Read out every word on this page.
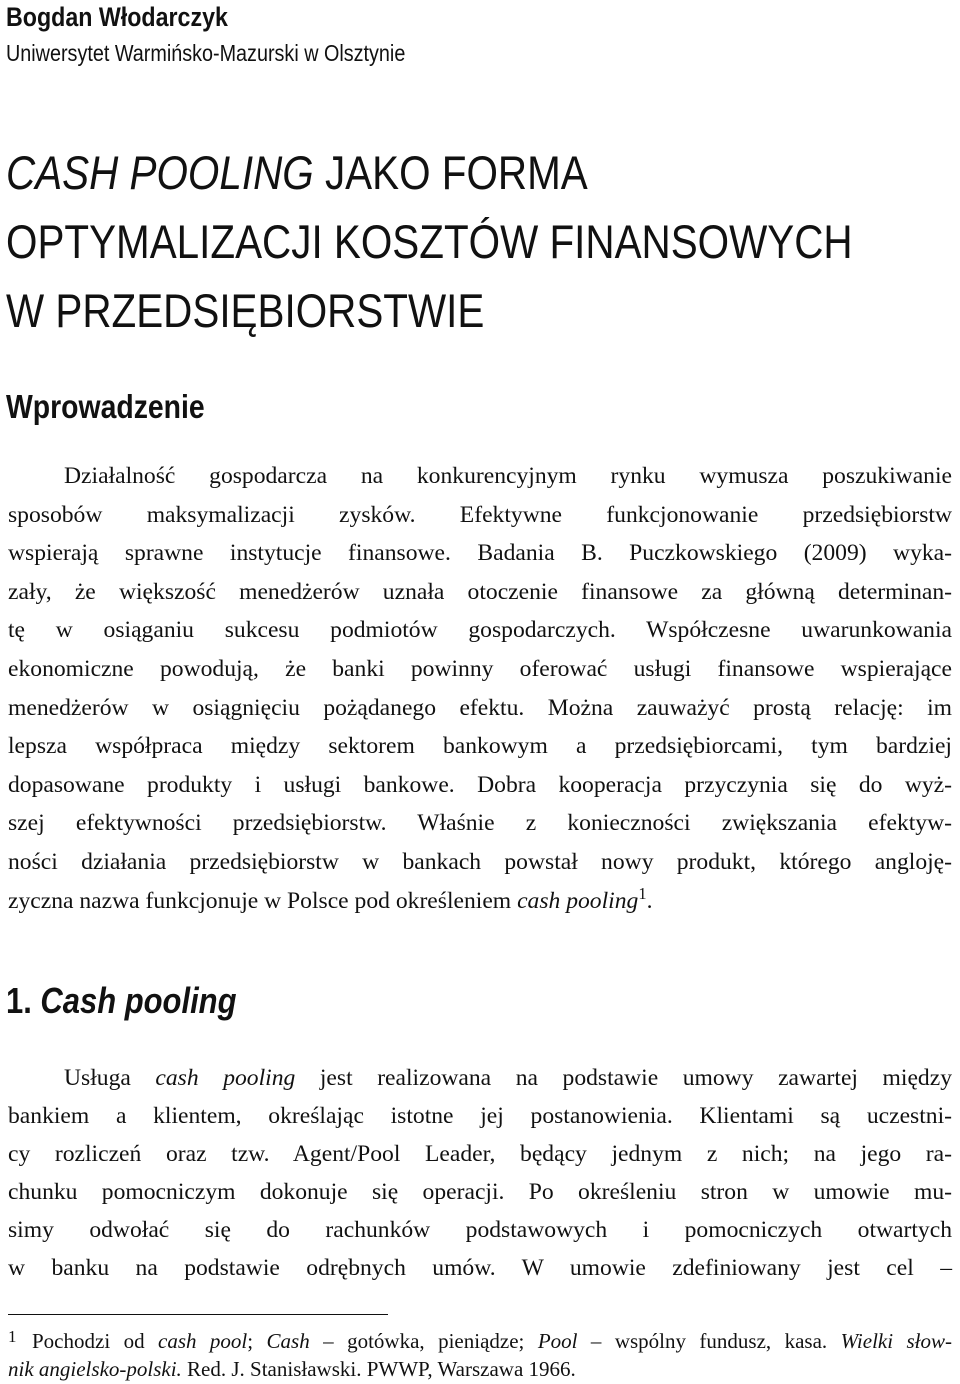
Bogdan Włodarczyk
Uniwersytet Warmińsko-Mazurski w Olsztynie
CASH POOLING JAKO FORMA
OPTYMALIZACJI KOSZTÓW FINANSOWYCH
W PRZEDSIĘBIORSTWIE
Wprowadzenie
Działalność gospodarcza na konkurencyjnym rynku wymusza poszukiwanie
sposobów maksymalizacji zysków. Efektywne funkcjonowanie przedsiębiorstw
wspierają sprawne instytucje finansowe. Badania B. Puczkowskiego (2009) wyka-
zały, że większość menedżerów uznała otoczenie finansowe za główną determinan-
tę w osiąganiu sukcesu podmiotów gospodarczych. Współczesne uwarunkowania
ekonomiczne powodują, że banki powinny oferować usługi finansowe wspierające
menedżerów w osiągnięciu pożądanego efektu. Można zauważyć prostą relację: im
lepsza współpraca między sektorem bankowym a przedsiębiorcami, tym bardziej
dopasowane produkty i usługi bankowe. Dobra kooperacja przyczynia się do wyż-
szej efektywności przedsiębiorstw. Właśnie z konieczności zwiększania efektyw-
ności działania przedsiębiorstw w bankach powstał nowy produkt, którego angloję-
zyczna nazwa funkcjonuje w Polsce pod określeniem cash pooling$^1$.
1. Cash pooling
Usługa cash pooling jest realizowana na podstawie umowy zawartej między
bankiem a klientem, określając istotne jej postanowienia. Klientami są uczestni-
cy rozliczeń oraz tzw. Agent/Pool Leader, będący jednym z nich; na jego ra-
chunku pomocniczym dokonuje się operacji. Po określeniu stron w umowie mu-
simy odwołać się do rachunków podstawowych i pomocniczych otwartych
w banku na podstawie odrębnych umów. W umowie zdefiniowany jest cel –
1 Pochodzi od cash pool; Cash – gotówka, pieniądze; Pool – wspólny fundusz, kasa. Wielki słow-
nik angielsko-polski. Red. J. Stanisławski. PWWP, Warszawa 1966.
